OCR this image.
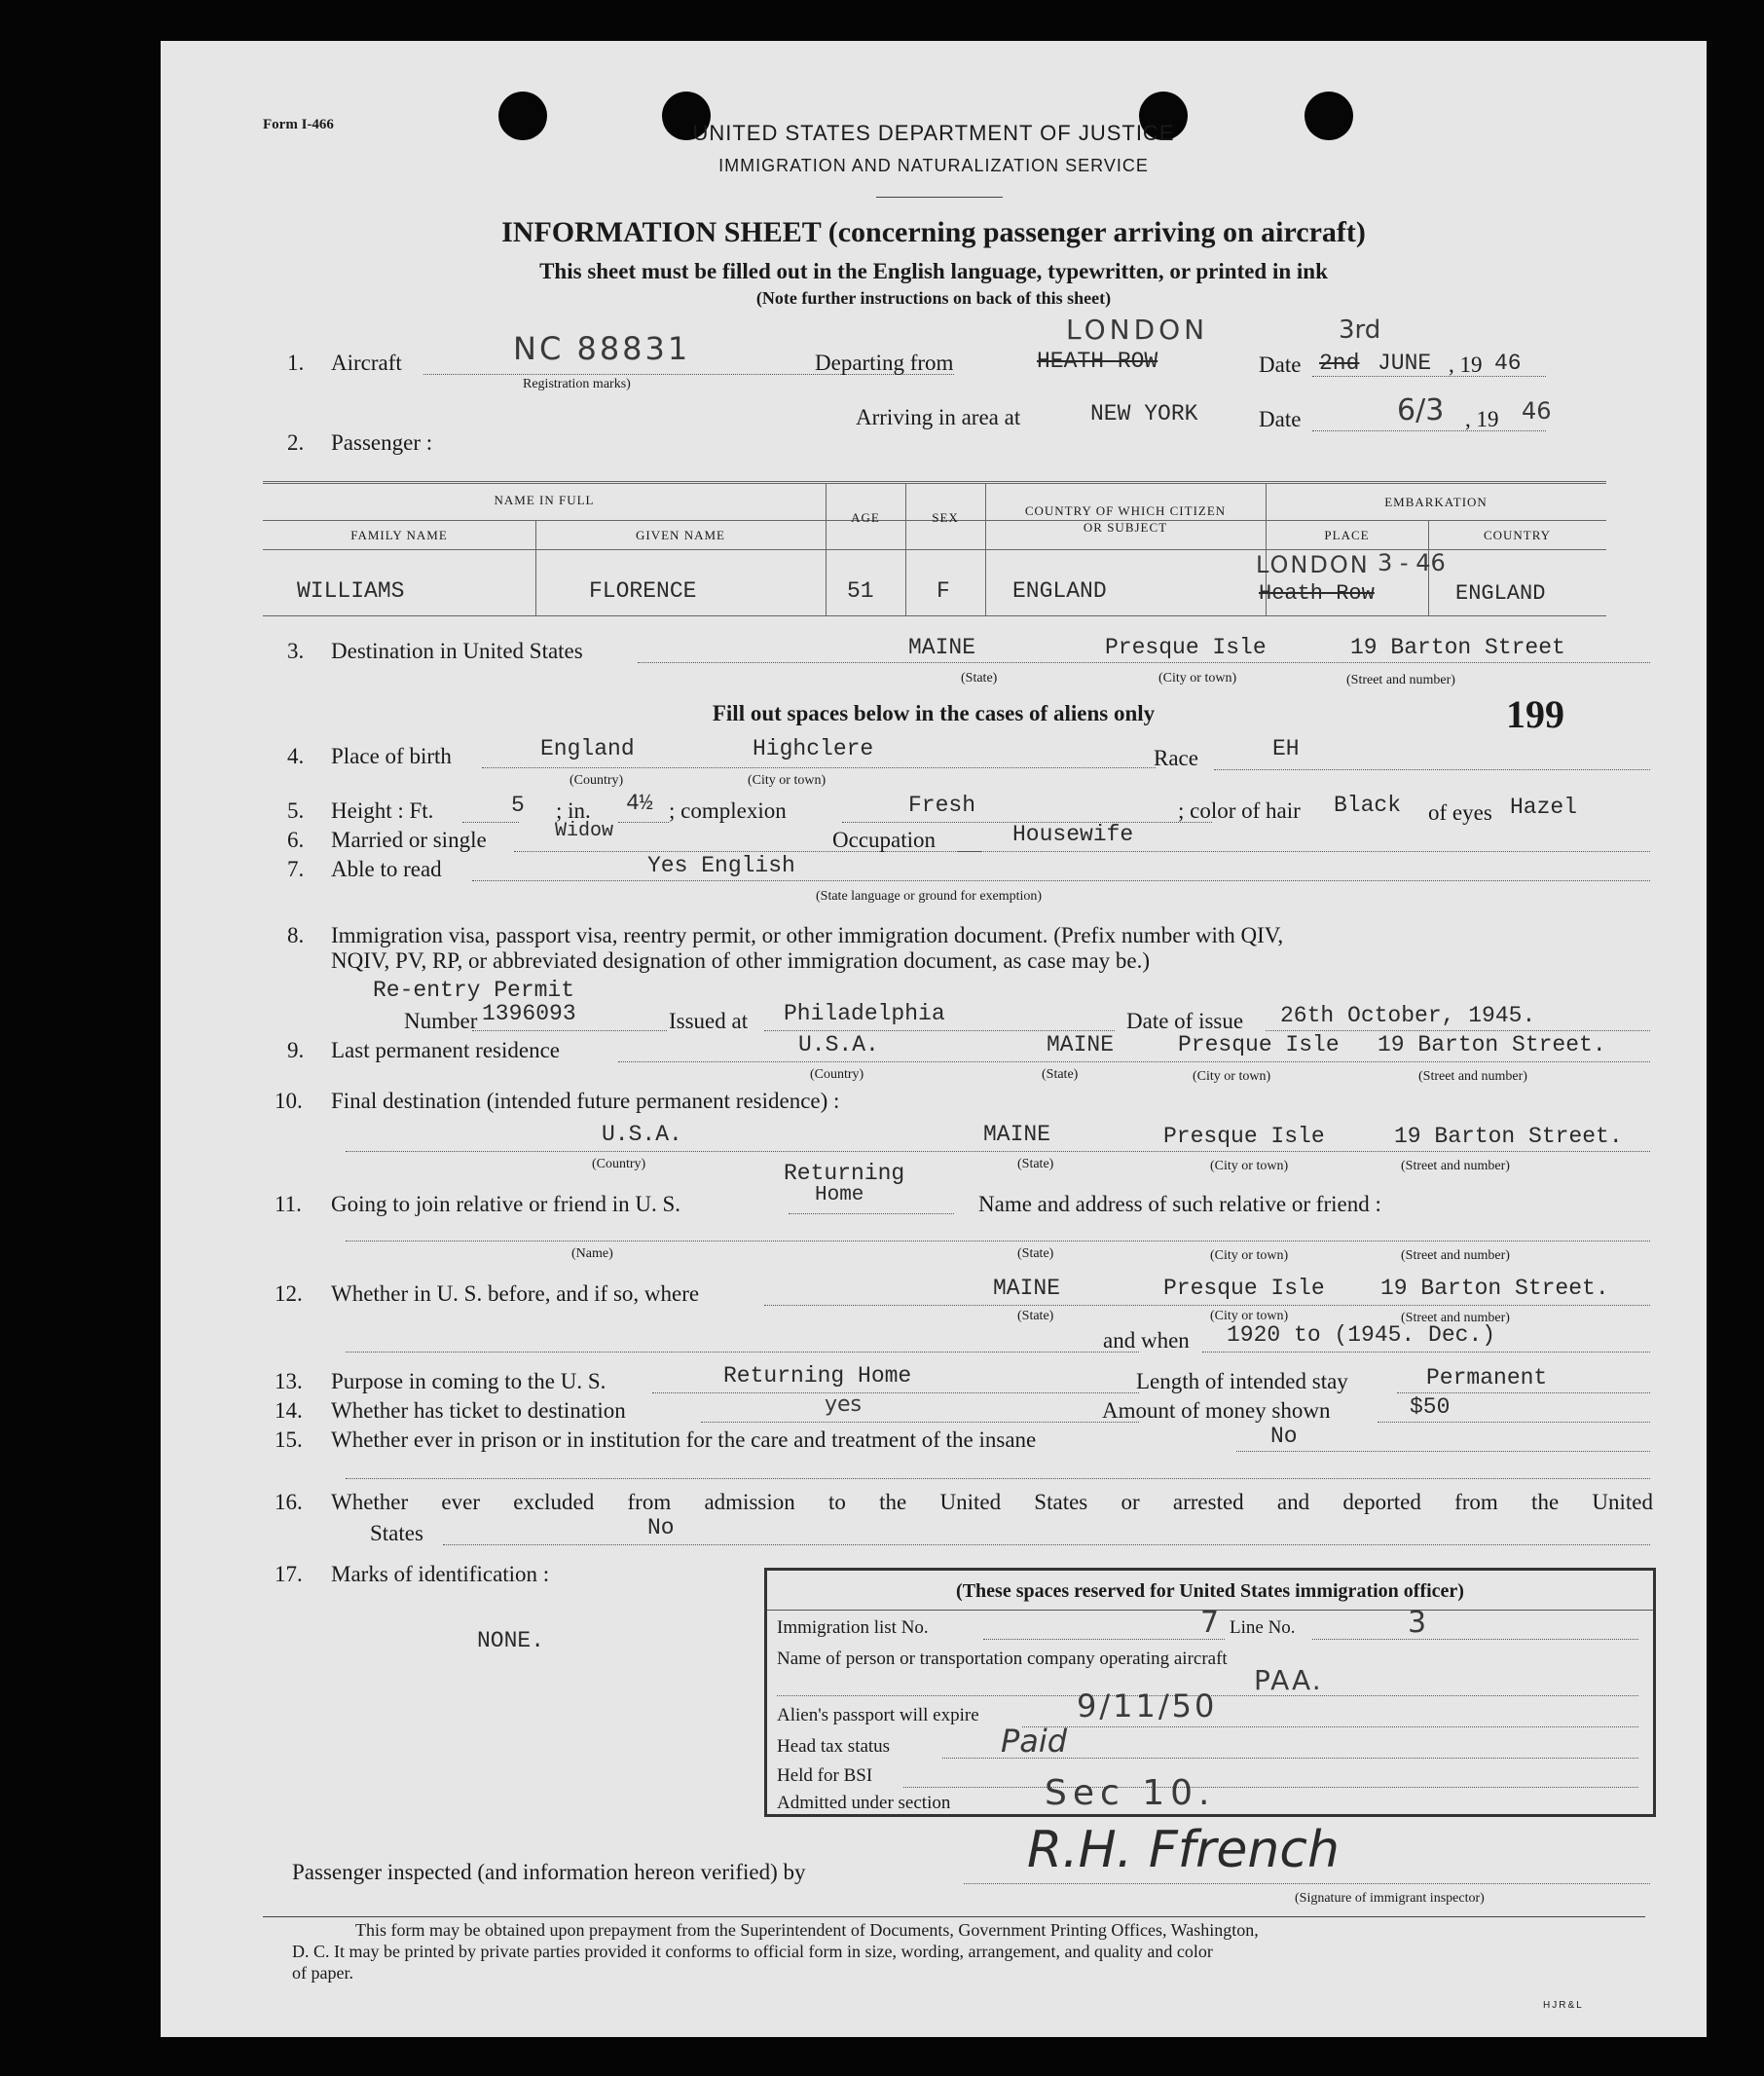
Form I-466	UNITED STATES DEPARTMENT OF JUSTICE
IMMIGRATION AND NATURALIZATION SERVICE
INFORMATION SHEET (concerning passenger arriving on aircraft)
This sheet must be filled out in the English language, typewritten, or printed in ink
(Note further instructions on back of this sheet)
1. Aircraft	NC 88831
Registration marks)
Departing from	HEATH ROW
LONDON
Date 2nd
3rd
JUNE , 19 46
Arriving in area at	NEW YORK	Date	6/3 , 19 46
2. Passenger :
NAME IN FULL
FAMILY NAME	GIVEN NAME
AGE	SEX	COUNTRY OF WHICH CITIZEN
OR SUBJECT
EMBARKATION
PLACE	COUNTRY
WILLIAMS	FLORENCE	51	F	ENGLAND
LONDON 3 - 46
Heath Row	ENGLAND
3. Destination in United States	MAINE	Presque Isle	19 Barton Street
(State)	(City or town)	(Street and number)
Fill out spaces below in the cases of aliens only	199
4. Place of birth	England	Highclere
(Country)	(City or town)
Race	EH
5. Height : Ft.	5 ; in. 4½ ; complexion	Fresh	; color of hair Black of eyes Hazel
6. Married or single	Widow	Occupation	Housewife
7. Able to read	Yes English
(State language or ground for exemption)
8. Immigration visa, passport visa, reentry permit, or other immigration document. (Prefix number with QIV,
NQIV, PV, RP, or abbreviated designation of other immigration document, as case may be.)
Re-entry Permit
Number 1396093	Issued at Philadelphia	Date of issue 26th October, 1945.
9. Last permanent residence	U.S.A.	MAINE	Presque Isle 19 Barton Street.
(Country)	(State)	(City or town)	(Street and number)
10. Final destination (intended future permanent residence) :
U.S.A.	MAINE	Presque Isle	19 Barton Street.
(Country)	(State)	(City or town)	(Street and number)
Returning
11. Going to join relative or friend in U. S.	Home	Name and address of such relative or friend :
(Name)	(State)	(City or town)	(Street and number)
12. Whether in U. S. before, and if so, where	MAINE	Presque Isle 19 Barton Street.
(State)	(City or town)	(Street and number)
and when 1920 to (1945. Dec.)
13. Purpose in coming to the U. S.	Returning Home	Length of intended stay	Permanent
14. Whether has ticket to destination	yes	Amount of money shown	$50
15. Whether ever in prison or in institution for the care and treatment of the insane	No
16. Whether ever excluded from admission to the United States or arrested and deported from the United
States	No
17. Marks of identification :
NONE.
(These spaces reserved for United States immigration officer)
Immigration list No.	7 Line No.	3
Name of person or transportation company operating aircraft
PAA.
Alien's passport will expire	9/11/50
Head tax status	Paid
Held for BSI
Admitted under section	Sec 10.
Passenger inspected (and information hereon verified) by	R.H. Ffrench
(Signature of immigrant inspector)
This form may be obtained upon prepayment from the Superintendent of Documents, Government Printing Offices, Washington,
D. C. It may be printed by private parties provided it conforms to official form in size, wording, arrangement, and quality and color
of paper.
HJR&L
